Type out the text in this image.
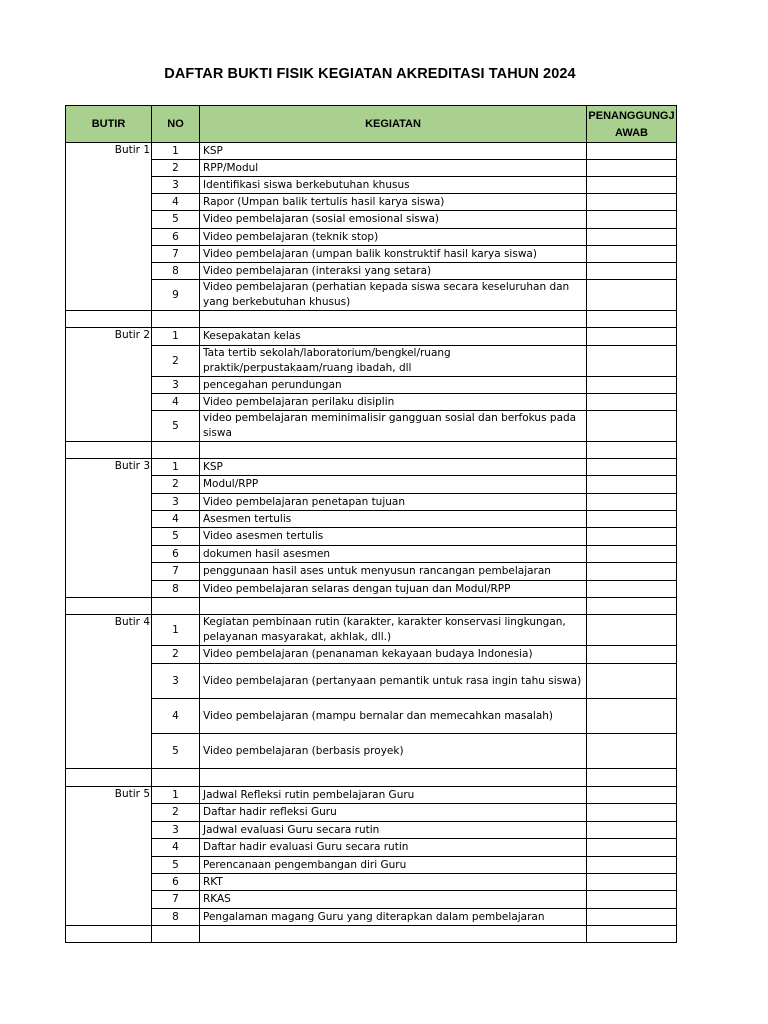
DAFTAR BUKTI FISIK KEGIATAN AKREDITASI TAHUN 2024
BUTIR	NO	KEGIATAN	PENANGGUNGJ AWAB
Butir 1	1	KSP	
	2	RPP/Modul	
	3	Identifikasi siswa berkebutuhan khusus	
	4	Rapor (Umpan balik tertulis hasil karya siswa)	
	5	Video pembelajaran (sosial emosional siswa)	
	6	Video pembelajaran (teknik stop)	
	7	Video pembelajaran (umpan balik konstruktif hasil karya siswa)	
	8	Video pembelajaran (interaksi yang setara)	
	9	Video pembelajaran (perhatian kepada siswa secara keseluruhan dan yang berkebutuhan khusus)	

Butir 2	1	Kesepakatan kelas	
	2	Tata tertib sekolah/laboratorium/bengkel/ruang praktik/perpustakaam/ruang ibadah, dll	
	3	pencegahan perundungan	
	4	Video pembelajaran perilaku disiplin	
	5	video pembelajaran meminimalisir gangguan sosial dan berfokus pada siswa	

Butir 3	1	KSP	
	2	Modul/RPP	
	3	Video pembelajaran penetapan tujuan	
	4	Asesmen tertulis	
	5	Video asesmen tertulis	
	6	dokumen hasil asesmen	
	7	penggunaan hasil ases untuk menyusun rancangan pembelajaran	
	8	Video pembelajaran selaras dengan tujuan dan Modul/RPP	

Butir 4	1	Kegiatan pembinaan rutin (karakter, karakter konservasi lingkungan, pelayanan masyarakat, akhlak, dll.)	
	2	Video pembelajaran (penanaman kekayaan budaya Indonesia)	
	3	Video pembelajaran (pertanyaan pemantik untuk rasa ingin tahu siswa)	
	4	Video pembelajaran (mampu bernalar dan memecahkan masalah)	
	5	Video pembelajaran (berbasis proyek)	

Butir 5	1	Jadwal Refleksi rutin pembelajaran Guru	
	2	Daftar hadir refleksi Guru	
	3	Jadwal evaluasi Guru secara rutin	
	4	Daftar hadir evaluasi Guru secara rutin	
	5	Perencanaan pengembangan diri Guru	
	6	RKT	
	7	RKAS	
	8	Pengalaman magang Guru yang diterapkan dalam pembelajaran	
